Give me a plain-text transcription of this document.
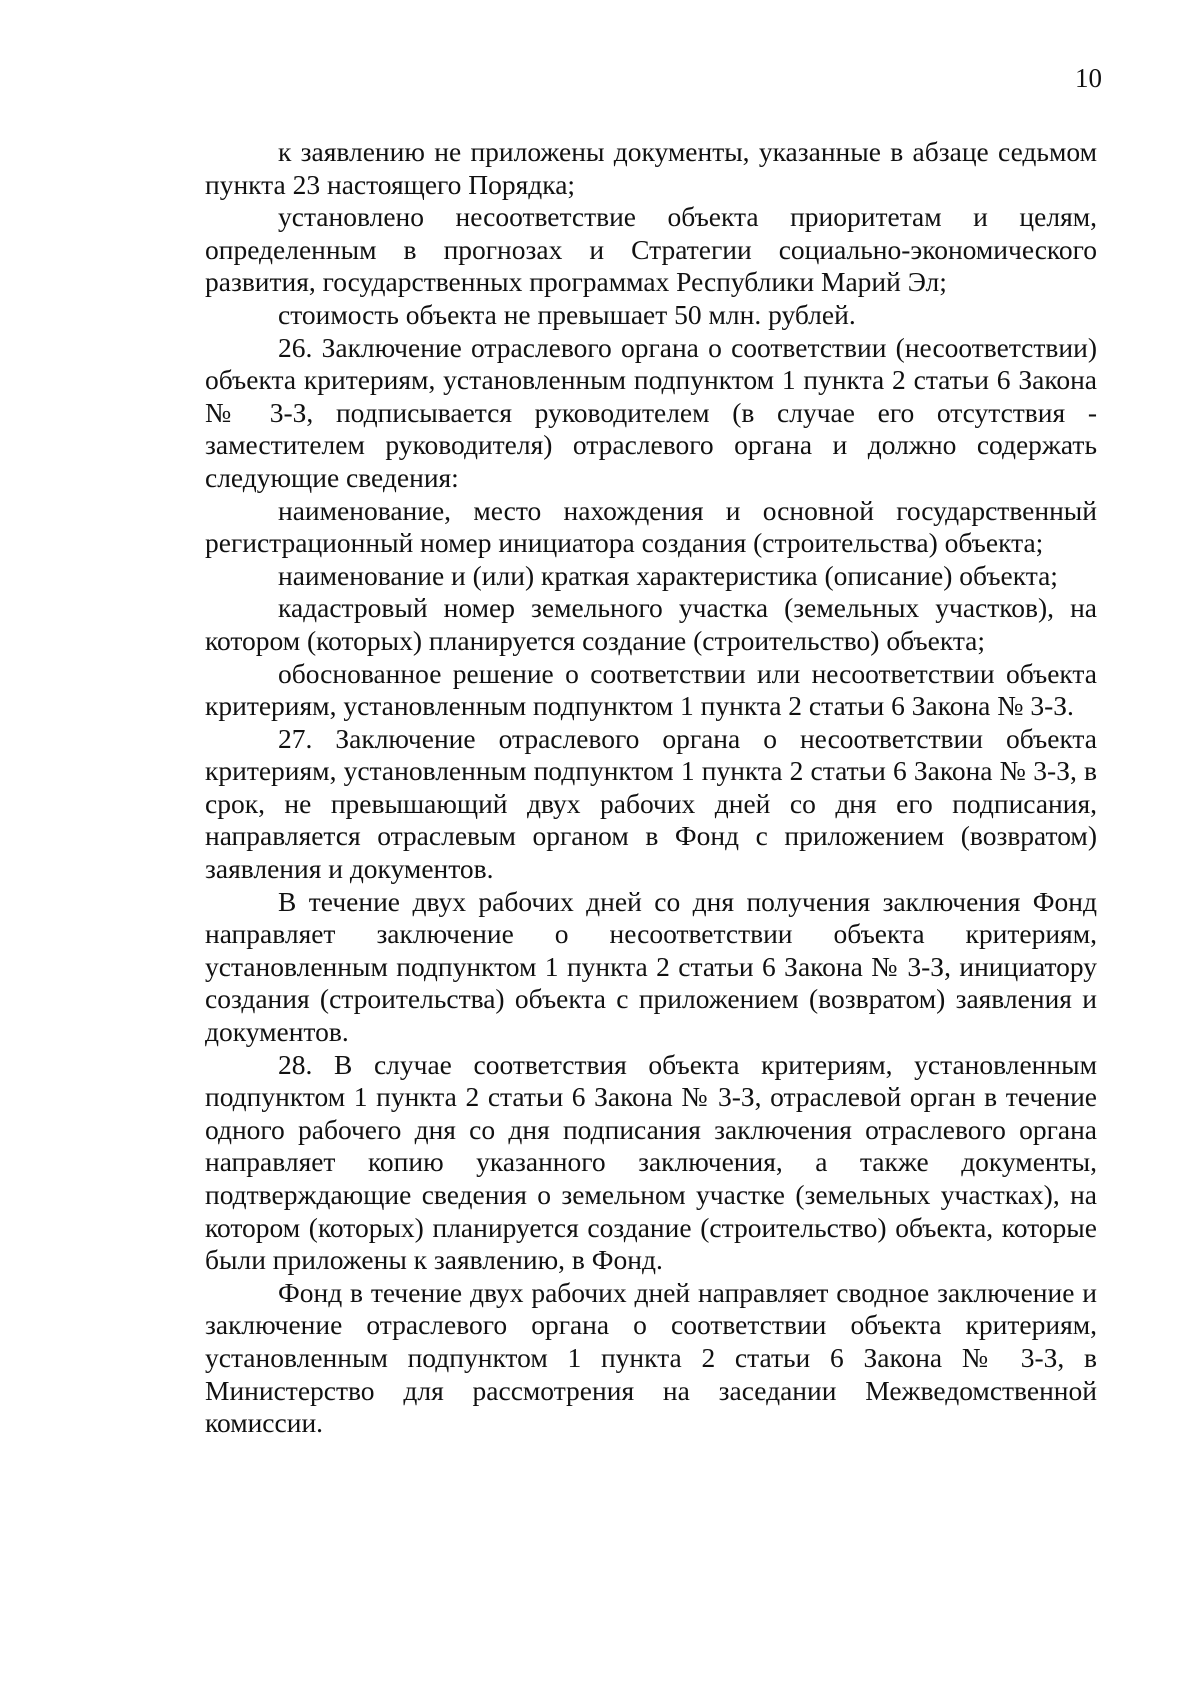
10

к заявлению не приложены документы, указанные в абзаце седьмом пункта 23 настоящего Порядка;

установлено несоответствие объекта приоритетам и целям, определенным в прогнозах и Стратегии социально-экономического развития, государственных программах Республики Марий Эл;

стоимость объекта не превышает 50 млн. рублей.

26. Заключение отраслевого органа о соответствии (несоответствии) объекта критериям, установленным подпунктом 1 пункта 2 статьи 6 Закона № 3-З, подписывается руководителем (в случае его отсутствия - заместителем руководителя) отраслевого органа и должно содержать следующие сведения:

наименование, место нахождения и основной государственный регистрационный номер инициатора создания (строительства) объекта;

наименование и (или) краткая характеристика (описание) объекта;

кадастровый номер земельного участка (земельных участков), на котором (которых) планируется создание (строительство) объекта;

обоснованное решение о соответствии или несоответствии объекта критериям, установленным подпунктом 1 пункта 2 статьи 6 Закона № 3-З.

27. Заключение отраслевого органа о несоответствии объекта критериям, установленным подпунктом 1 пункта 2 статьи 6 Закона № 3-З, в срок, не превышающий двух рабочих дней со дня его подписания, направляется отраслевым органом в Фонд с приложением (возвратом) заявления и документов.

В течение двух рабочих дней со дня получения заключения Фонд направляет заключение о несоответствии объекта критериям, установленным подпунктом 1 пункта 2 статьи 6 Закона № 3-З, инициатору создания (строительства) объекта с приложением (возвратом) заявления и документов.

28. В случае соответствия объекта критериям, установленным подпунктом 1 пункта 2 статьи 6 Закона № 3-З, отраслевой орган в течение одного рабочего дня со дня подписания заключения отраслевого органа направляет копию указанного заключения, а также документы, подтверждающие сведения о земельном участке (земельных участках), на котором (которых) планируется создание (строительство) объекта, которые были приложены к заявлению, в Фонд.

Фонд в течение двух рабочих дней направляет сводное заключение и заключение отраслевого органа о соответствии объекта критериям, установленным подпунктом 1 пункта 2 статьи 6 Закона № 3-З, в Министерство для рассмотрения на заседании Межведомственной комиссии.
